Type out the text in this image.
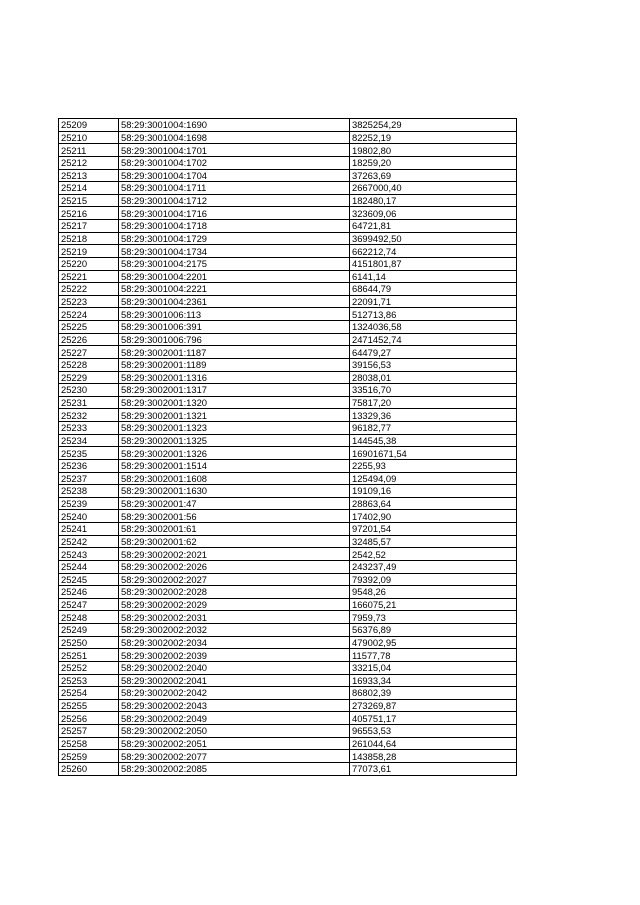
25209	58:29:3001004:1690	3825254,29
25210	58:29:3001004:1698	82252,19
25211	58:29:3001004:1701	19802,80
25212	58:29:3001004:1702	18259,20
25213	58:29:3001004:1704	37263,69
25214	58:29:3001004:1711	2667000,40
25215	58:29:3001004:1712	182480,17
25216	58:29:3001004:1716	323609,06
25217	58:29:3001004:1718	64721,81
25218	58:29:3001004:1729	3699492,50
25219	58:29:3001004:1734	662212,74
25220	58:29:3001004:2175	4151801,87
25221	58:29:3001004:2201	6141,14
25222	58:29:3001004:2221	68644,79
25223	58:29:3001004:2361	22091,71
25224	58:29:3001006:113	512713,86
25225	58:29:3001006:391	1324036,58
25226	58:29:3001006:796	2471452,74
25227	58:29:3002001:1187	64479,27
25228	58:29:3002001:1189	39156,53
25229	58:29:3002001:1316	28038,01
25230	58:29:3002001:1317	33516,70
25231	58:29:3002001:1320	75817,20
25232	58:29:3002001:1321	13329,36
25233	58:29:3002001:1323	96182,77
25234	58:29:3002001:1325	144545,38
25235	58:29:3002001:1326	16901671,54
25236	58:29:3002001:1514	2255,93
25237	58:29:3002001:1608	125494,09
25238	58:29:3002001:1630	19109,16
25239	58:29:3002001:47	28863,64
25240	58:29:3002001:56	17402,90
25241	58:29:3002001:61	97201,54
25242	58:29:3002001:62	32485,57
25243	58:29:3002002:2021	2542,52
25244	58:29:3002002:2026	243237,49
25245	58:29:3002002:2027	79392,09
25246	58:29:3002002:2028	9548,26
25247	58:29:3002002:2029	166075,21
25248	58:29:3002002:2031	7959,73
25249	58:29:3002002:2032	56376,89
25250	58:29:3002002:2034	479002,95
25251	58:29:3002002:2039	11577,78
25252	58:29:3002002:2040	33215,04
25253	58:29:3002002:2041	16933,34
25254	58:29:3002002:2042	86802,39
25255	58:29:3002002:2043	273269,87
25256	58:29:3002002:2049	405751,17
25257	58:29:3002002:2050	96553,53
25258	58:29:3002002:2051	261044,64
25259	58:29:3002002:2077	143858,28
25260	58:29:3002002:2085	77073,61
